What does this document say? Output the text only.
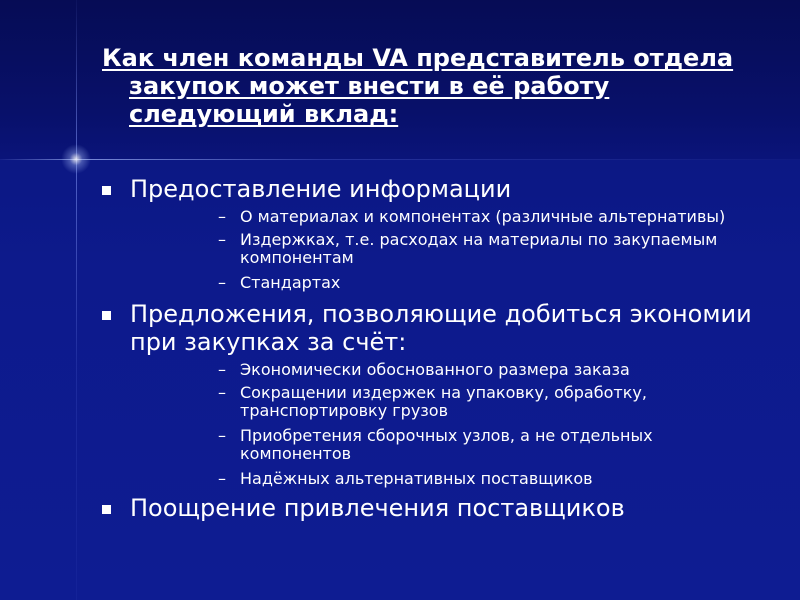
Как член команды VA представитель отдела
закупок может внести в её работу следующий вклад:
Предоставление информации
– О материалах и компонентах (различные альтернативы)
– Издержках, т.е. расходах на материалы по закупаемым компонентам
– Стандартах
Предложения, позволяющие добиться экономии при закупках за счёт:
– Экономически обоснованного размера заказа
– Сокращении издержек на упаковку, обработку, транспортировку грузов
– Приобретения сборочных узлов, а не отдельных компонентов
– Надёжных альтернативных поставщиков
Поощрение привлечения поставщиков
